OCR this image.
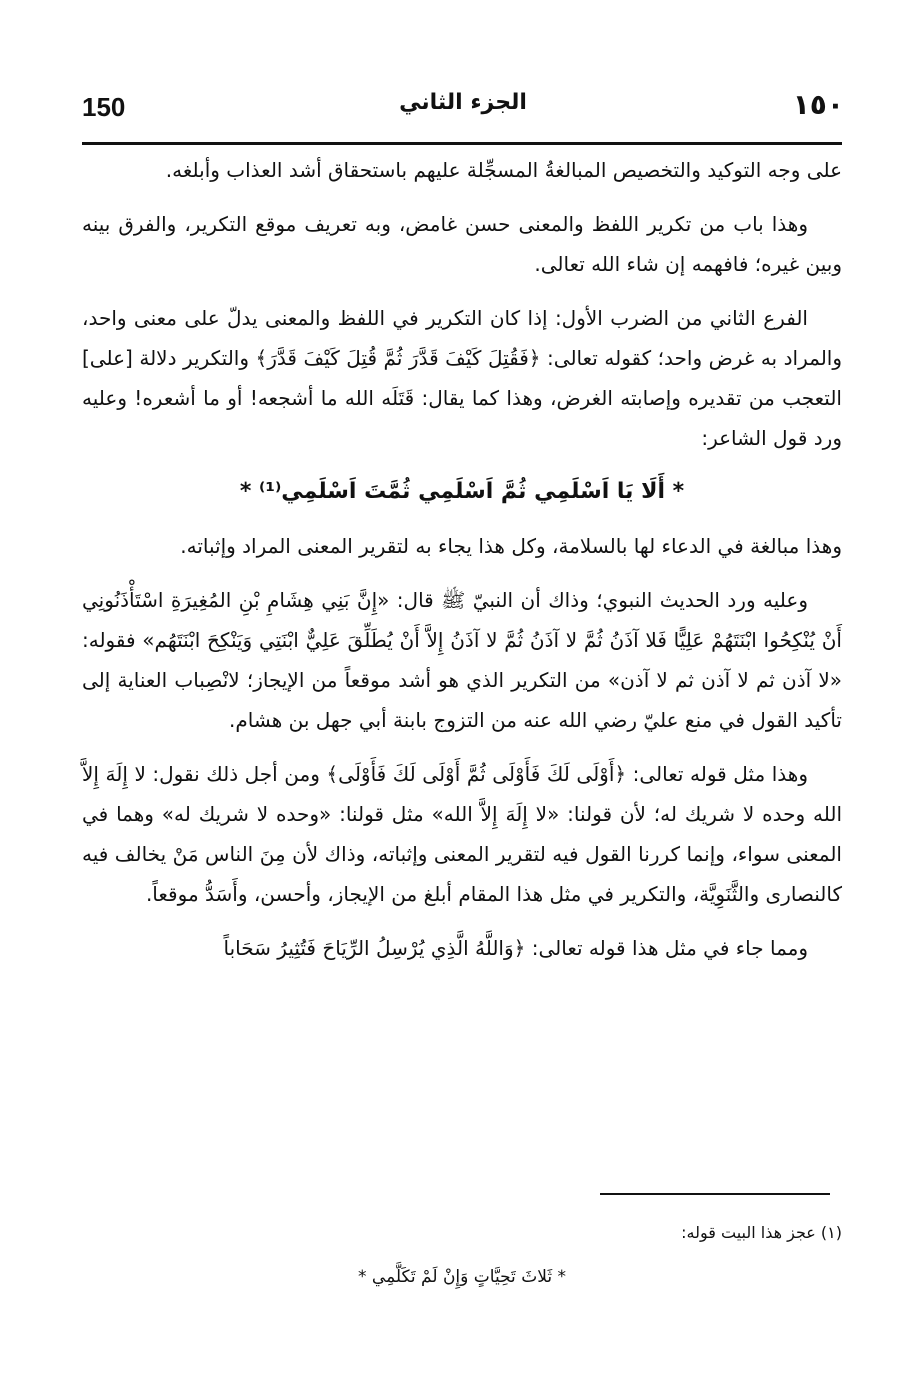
150	الجزء الثاني	١٥٠

على وجه التوكيد والتخصيص المبالغةُ المسجِّلة عليهم باستحقاق أشد العذاب وأبلغه.

وهذا باب من تكرير اللفظ والمعنى حسن غامض، وبه تعريف موقع التكرير، والفرق بينه وبين غيره؛ فافهمه إن شاء الله تعالى.

الفرع الثاني من الضرب الأول: إذا كان التكرير في اللفظ والمعنى يدلّ على معنى واحد، والمراد به غرض واحد؛ كقوله تعالى: ﴿فَقُتِلَ كَيْفَ قَدَّرَ ثُمَّ قُتِلَ كَيْفَ قَدَّرَ﴾ والتكرير دلالة [على] التعجب من تقديره وإصابته الغرض، وهذا كما يقال: قَتَلَه الله ما أشجعه! أو ما أشعره! وعليه ورد قول الشاعر:

* أَلَا يَا اَسْلَمِي ثُمَّ اَسْلَمِي ثُمَّتَ اَسْلَمِي⁽¹⁾ *

وهذا مبالغة في الدعاء لها بالسلامة، وكل هذا يجاء به لتقرير المعنى المراد وإثباته.

وعليه ورد الحديث النبوي؛ وذاك أن النبيّ ﷺ قال: «إِنَّ بَنِي هِشَامِ بْنِ المُغِيرَةِ اسْتَأْذَنُونِي أَنْ يُنْكِحُوا ابْنَتَهُمْ عَلِيًّا فَلا آذَنُ ثُمَّ لا آذَنُ ثُمَّ لا آذَنُ إِلاَّ أَنْ يُطَلِّقَ عَلِيٌّ ابْنَتِي وَيَنْكِحَ ابْنَتَهُم» فقوله: «لا آذن ثم لا آذن ثم لا آذن» من التكرير الذي هو أشد موقعاً من الإيجاز؛ لانْصِباب العناية إلى تأكيد القول في منع عليّ رضي الله عنه من التزوج بابنة أبي جهل بن هشام.

وهذا مثل قوله تعالى: ﴿أَوْلَى لَكَ فَأَوْلَى ثُمَّ أَوْلَى لَكَ فَأَوْلَى﴾ ومن أجل ذلك نقول: لا إِلَهَ إِلاَّ الله وحده لا شريك له؛ لأن قولنا: «لا إِلَهَ إِلاَّ الله» مثل قولنا: «وحده لا شريك له» وهما في المعنى سواء، وإنما كررنا القول فيه لتقرير المعنى وإثباته، وذاك لأن مِنَ الناس مَنْ يخالف فيه كالنصارى والثَّنَوِيَّة، والتكرير في مثل هذا المقام أبلغ من الإيجاز، وأحسن، وأَسَدُّ موقعاً.

ومما جاء في مثل هذا قوله تعالى: ﴿وَاللَّهُ الَّذِي يُرْسِلُ الرِّيَاحَ فَتُثِيرُ سَحَاباً

(١) عجز هذا البيت قوله:
* ثَلاثَ تَحِيَّاتٍ وَإِنْ لَمْ تَكَلَّمِي *
